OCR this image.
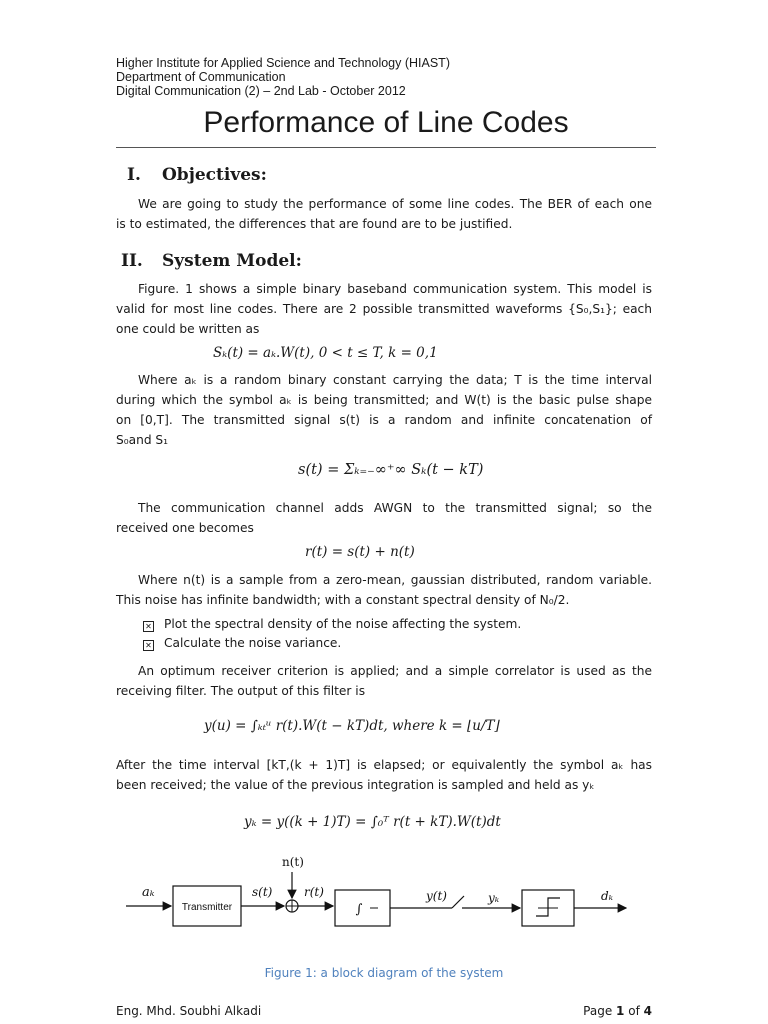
Higher Institute for Applied Science and Technology (HIAST)
Department of Communication
Digital Communication (2) – 2nd Lab - October 2012
Performance of Line Codes
I. Objectives:
We are going to study the performance of some line codes. The BER of each one
is to estimated, the differences that are found are to be justified.
II. System Model:
Figure. 1 shows a simple binary baseband communication system. This model is
valid for most line codes. There are 2 possible transmitted waveforms {S₀,S₁}; each
one could be written as
Sₖ(t) = aₖ.W(t), 0 < t ≤ T, k = 0,1
Where aₖ is a random binary constant carrying the data; T is the time interval
during which the symbol aₖ is being transmitted; and W(t) is the basic pulse shape
on [0,T]. The transmitted signal s(t) is a random and infinite concatenation of
S₀and S₁
s(t) = Σₖ₌₋∞⁺∞ Sₖ(t − kT)
The communication channel adds AWGN to the transmitted signal; so the
received one becomes
r(t) = s(t) + n(t)
Where n(t) is a sample from a zero-mean, gaussian distributed, random variable.
This noise has infinite bandwidth; with a constant spectral density of N₀/2.
✕ Plot the spectral density of the noise affecting the system.
✕ Calculate the noise variance.
An optimum receiver criterion is applied; and a simple correlator is used as the
receiving filter. The output of this filter is
y(u) = ∫ₖₜᵘ r(t).W(t − kT)dt, where k = ⌊u/T⌋
After the time interval [kT,(k + 1)T] is elapsed; or equivalently the symbol aₖ has
been received; the value of the previous integration is sampled and held as yₖ
yₖ = y((k + 1)T) = ∫₀ᵀ r(t + kT).W(t)dt
n(t)
aₖ
Transmitter
s(t)	r(t)
∫
y(t)	yₖ	dₖ
Figure 1: a block diagram of the system
Eng. Mhd. Soubhi Alkadi	Page 1 of 4
